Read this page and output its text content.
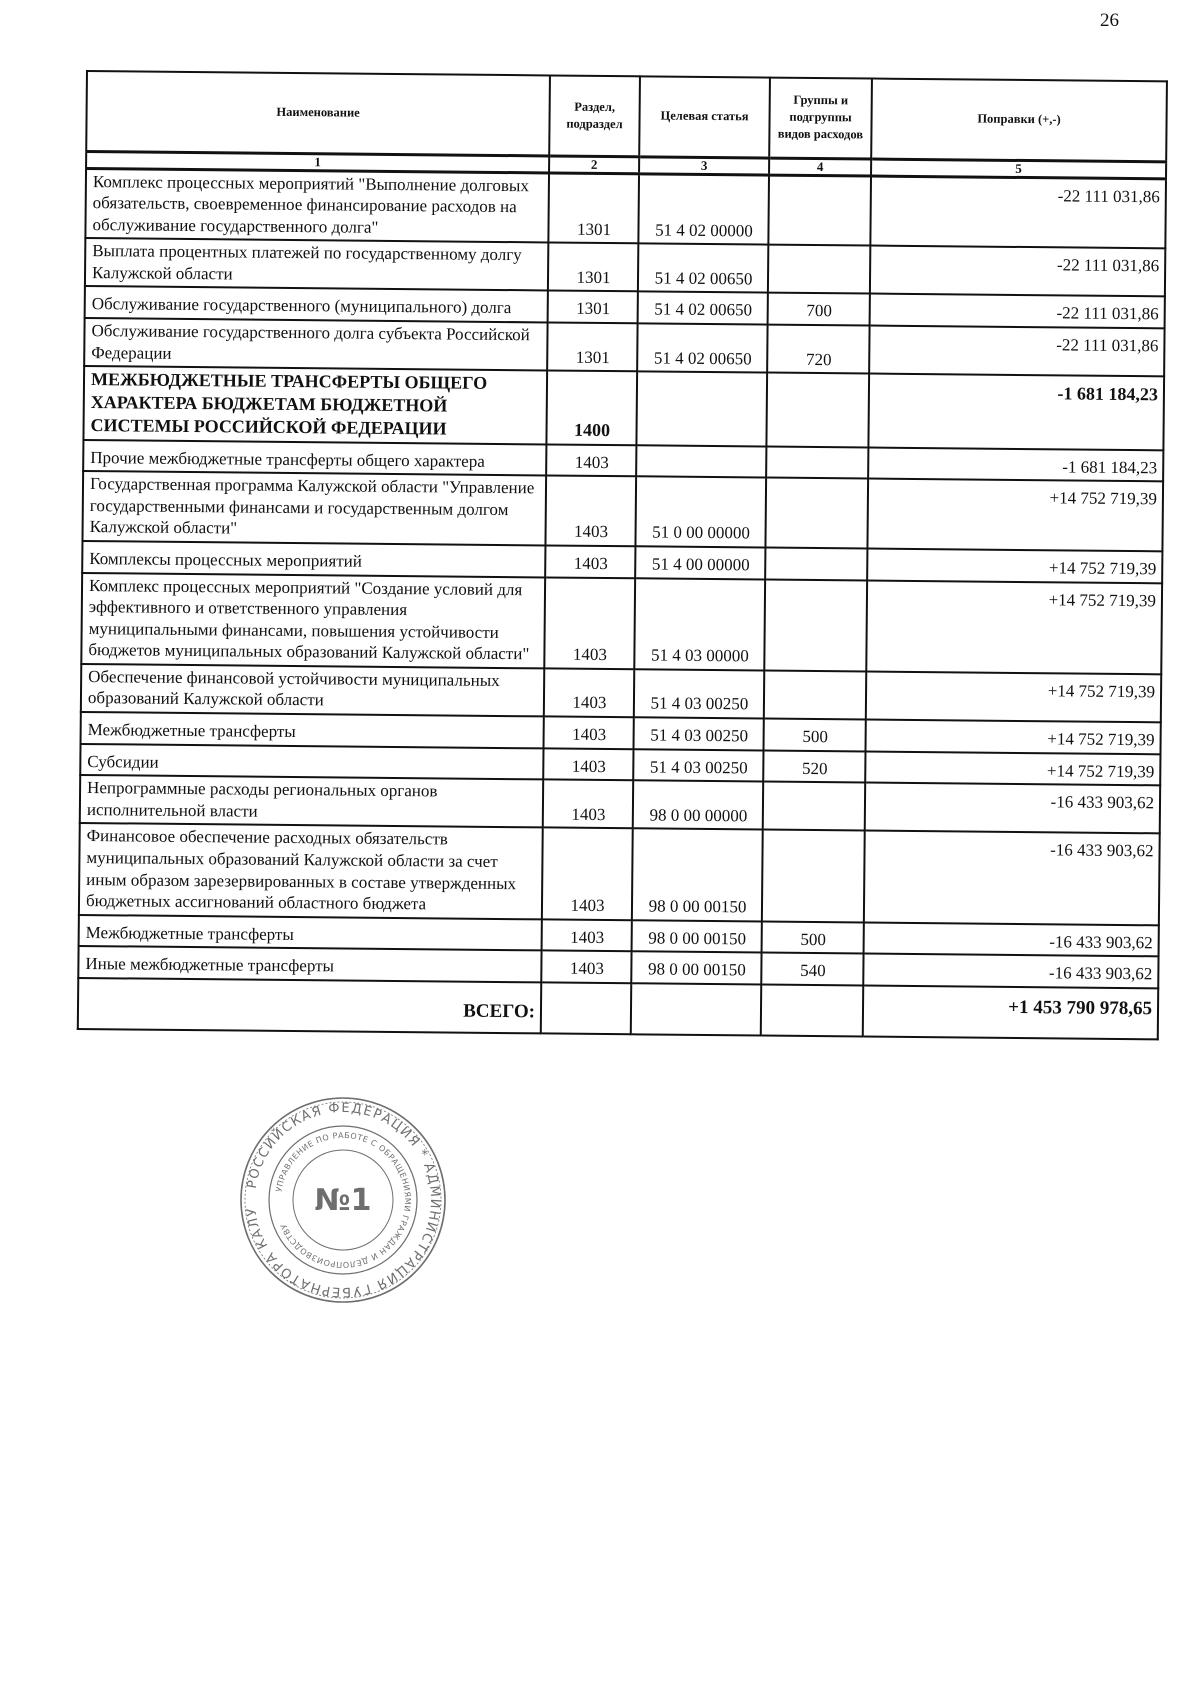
26
Наименование	Раздел, подраздел	Целевая статья	Группы и подгруппы видов расходов	Поправки (+,-)
1	2	3	4	5
Комплекс процессных мероприятий "Выполнение долговых обязательств, своевременное финансирование расходов на обслуживание государственного долга"	1301	51 4 02 00000		-22 111 031,86
Выплата процентных платежей по государственному долгу Калужской области	1301	51 4 02 00650		-22 111 031,86
Обслуживание государственного (муниципального) долга	1301	51 4 02 00650	700	-22 111 031,86
Обслуживание государственного долга субъекта Российской Федерации	1301	51 4 02 00650	720	-22 111 031,86
МЕЖБЮДЖЕТНЫЕ ТРАНСФЕРТЫ ОБЩЕГО ХАРАКТЕРА БЮДЖЕТАМ БЮДЖЕТНОЙ СИСТЕМЫ РОССИЙСКОЙ ФЕДЕРАЦИИ	1400			-1 681 184,23
Прочие межбюджетные трансферты общего характера	1403			-1 681 184,23
Государственная программа Калужской области "Управление государственными финансами и государственным долгом Калужской области"	1403	51 0 00 00000		+14 752 719,39
Комплексы процессных мероприятий	1403	51 4 00 00000		+14 752 719,39
Комплекс процессных мероприятий "Создание условий для эффективного и ответственного управления муниципальными финансами, повышения устойчивости бюджетов муниципальных образований Калужской области"	1403	51 4 03 00000		+14 752 719,39
Обеспечение финансовой устойчивости муниципальных образований Калужской области	1403	51 4 03 00250		+14 752 719,39
Межбюджетные трансферты	1403	51 4 03 00250	500	+14 752 719,39
Субсидии	1403	51 4 03 00250	520	+14 752 719,39
Непрограммные расходы региональных органов исполнительной власти	1403	98 0 00 00000		-16 433 903,62
Финансовое обеспечение расходных обязательств муниципальных образований Калужской области за счет иным образом зарезервированных в составе утвержденных бюджетных ассигнований областного бюджета	1403	98 0 00 00150		-16 433 903,62
Межбюджетные трансферты	1403	98 0 00 00150	500	-16 433 903,62
Иные межбюджетные трансферты	1403	98 0 00 00150	540	-16 433 903,62
ВСЕГО:				+1 453 790 978,65
РОССИЙСКАЯ ФЕДЕРАЦИЯ * АДМИНИСТРАЦИЯ ГУБЕРНАТОРА КАЛУ
УПРАВЛЕНИЕ ПО РАБОТЕ С ОБРАЩЕНИЯМИ ГРАЖДАН И ДЕЛОПРОИЗВОДСТВУ
№1
